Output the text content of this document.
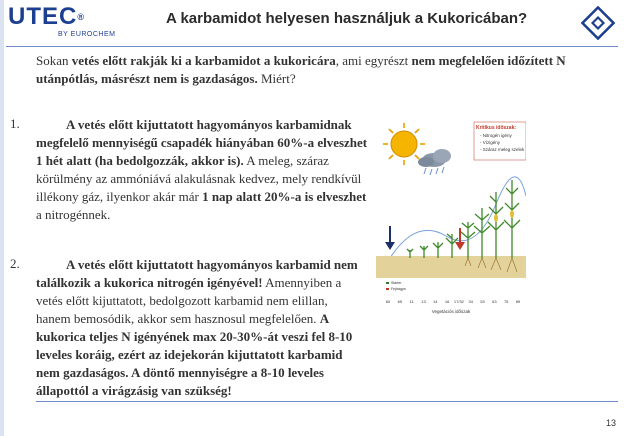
UTEC®
BY EUROCHEM
A karbamidot helyesen használjuk a Kukoricában?
Sokan vetés előtt rakják ki a karbamidot a kukoricára, ami egyrészt nem megfelelően időzített N utánpótlás, másrészt nem is gazdaságos. Miért?
1.	A vetés előtt kijuttatott hagyományos karbamidnak megfelelő mennyiségű csapadék hiányában 60%-a elveszhet 1 hét alatt (ha bedolgozzák, akkor is). A meleg, száraz körülmény az ammóniává alakulásnak kedvez, mely rendkívül illékony gáz, ilyenkor akár már 1 nap alatt 20%-a is elveszhet a nitrogénnek.
2.	A vetés előtt kijuttatott hagyományos karbamid nem találkozik a kukorica nitrogén igényével! Amennyiben a vetés előtt kijuttatott, bedolgozott karbamid nem elillan, hanem bemosódik, akkor sem hasznosul megfelelően. A kukorica teljes N igényének max 20-30%-át veszi fel 8-10 leveles koráig, ezért az idejekorán kijuttatott karbamid nem gazdaságos. A döntő mennyiségre a 8-10 leveles állapottól a virágzásig van szükség!
Kritikus időszak:
- Nitrogén igény
- Vízigény
- Száraz meleg szelek
Starter
Fejtrágya
60 65 11 13 14 16 17/32 34 53 63 75 89
Vegetációs időszak
13
